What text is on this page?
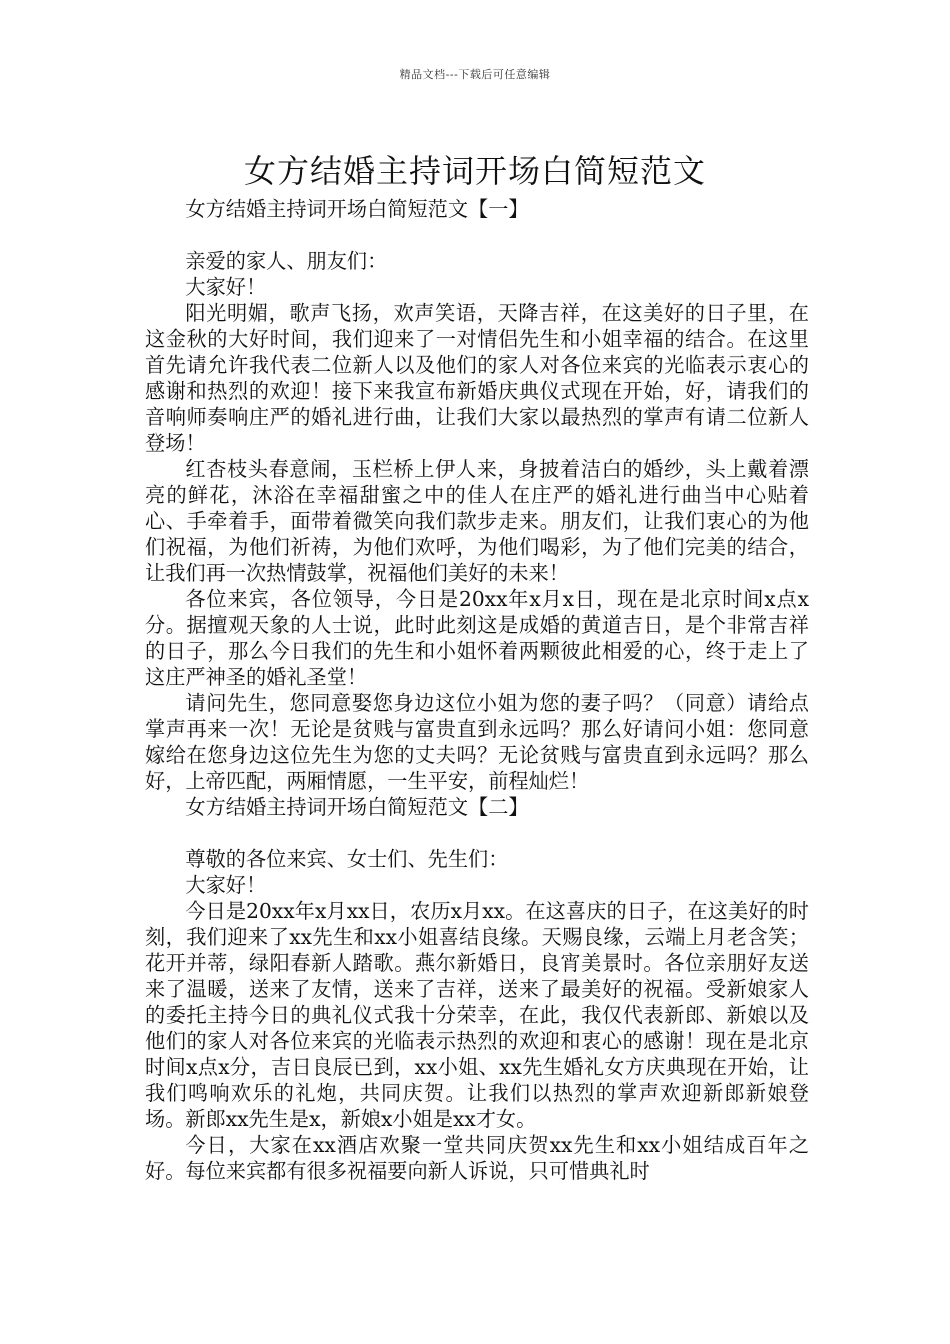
精品文档---下载后可任意编辑
女方结婚主持词开场白简短范文

女方结婚主持词开场白简短范文【一】

亲爱的家人、朋友们：

大家好！

阳光明媚，歌声飞扬，欢声笑语，天降吉祥，在这美好的日子里，在这金秋的大好时间，我们迎来了一对情侣先生和小姐幸福的结合。在这里首先请允许我代表二位新人以及他们的家人对各位来宾的光临表示衷心的感谢和热烈的欢迎！接下来我宣布新婚庆典仪式现在开始，好，请我们的音响师奏响庄严的婚礼进行曲，让我们大家以最热烈的掌声有请二位新人登场！

红杏枝头春意闹，玉栏桥上伊人来，身披着洁白的婚纱，头上戴着漂亮的鲜花，沐浴在幸福甜蜜之中的佳人在庄严的婚礼进行曲当中心贴着心、手牵着手，面带着微笑向我们款步走来。朋友们，让我们衷心的为他们祝福，为他们祈祷，为他们欢呼，为他们喝彩，为了他们完美的结合，让我们再一次热情鼓掌，祝福他们美好的未来！

各位来宾，各位领导，今日是20xx年x月x日，现在是北京时间x点x分。据擅观天象的人士说，此时此刻这是成婚的黄道吉日，是个非常吉祥的日子，那么今日我们的先生和小姐怀着两颗彼此相爱的心，终于走上了这庄严神圣的婚礼圣堂！

请问先生，您同意娶您身边这位小姐为您的妻子吗？（同意）请给点掌声再来一次！无论是贫贱与富贵直到永远吗？那么好请问小姐：您同意嫁给在您身边这位先生为您的丈夫吗？无论贫贱与富贵直到永远吗？那么好，上帝匹配，两厢情愿，一生平安，前程灿烂！

女方结婚主持词开场白简短范文【二】

尊敬的各位来宾、女士们、先生们：

大家好！

今日是20xx年x月xx日，农历x月xx。在这喜庆的日子，在这美好的时刻，我们迎来了xx先生和xx小姐喜结良缘。天赐良缘，云端上月老含笑；花开并蒂，绿阳春新人踏歌。燕尔新婚日，良宵美景时。各位亲朋好友送来了温暖，送来了友情，送来了吉祥，送来了最美好的祝福。受新娘家人的委托主持今日的典礼仪式我十分荣幸，在此，我仅代表新郎、新娘以及他们的家人对各位来宾的光临表示热烈的欢迎和衷心的感谢！现在是北京时间x点x分，吉日良辰已到，xx小姐、xx先生婚礼女方庆典现在开始，让我们鸣响欢乐的礼炮，共同庆贺。让我们以热烈的掌声欢迎新郎新娘登场。新郎xx先生是x，新娘x小姐是xx才女。

今日，大家在xx酒店欢聚一堂共同庆贺xx先生和xx小姐结成百年之好。每位来宾都有很多祝福要向新人诉说，只可惜典礼时
